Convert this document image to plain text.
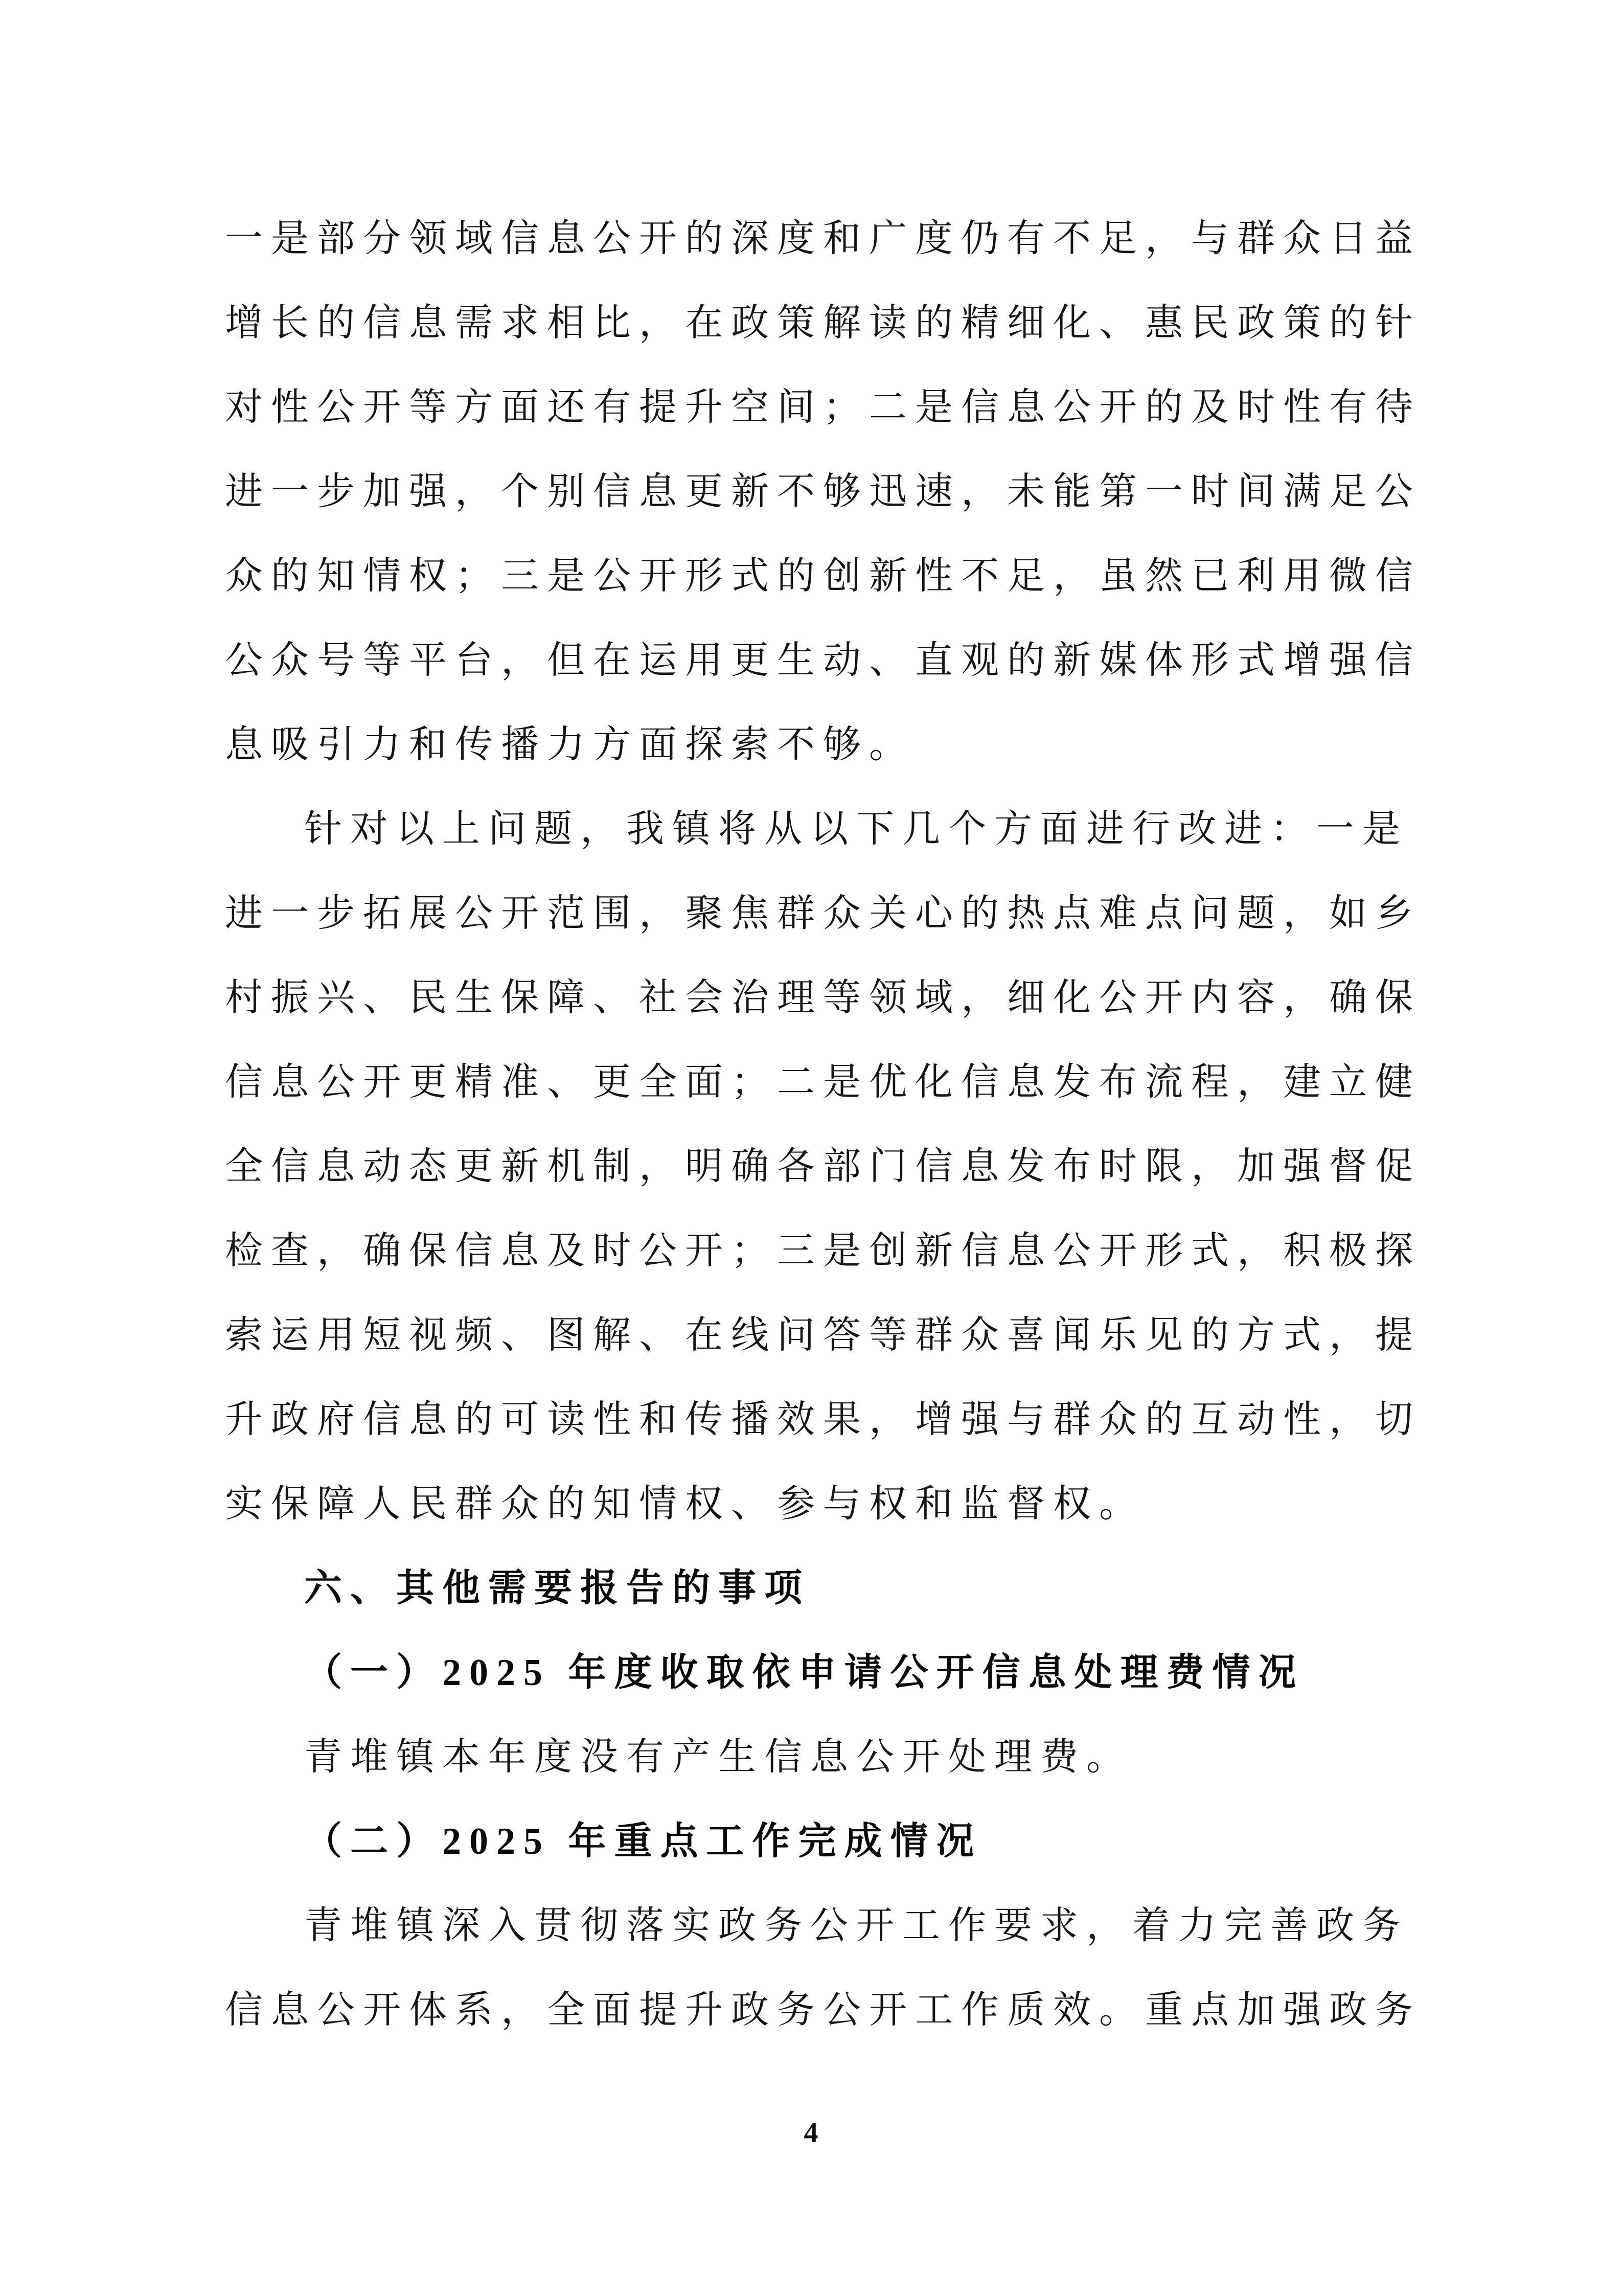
一是部分领域信息公开的深度和广度仍有不足，与群众日益
增长的信息需求相比，在政策解读的精细化、惠民政策的针
对性公开等方面还有提升空间；二是信息公开的及时性有待
进一步加强，个别信息更新不够迅速，未能第一时间满足公
众的知情权；三是公开形式的创新性不足，虽然已利用微信
公众号等平台，但在运用更生动、直观的新媒体形式增强信
息吸引力和传播力方面探索不够。
针对以上问题，我镇将从以下几个方面进行改进：一是
进一步拓展公开范围，聚焦群众关心的热点难点问题，如乡
村振兴、民生保障、社会治理等领域，细化公开内容，确保
信息公开更精准、更全面；二是优化信息发布流程，建立健
全信息动态更新机制，明确各部门信息发布时限，加强督促
检查，确保信息及时公开；三是创新信息公开形式，积极探
索运用短视频、图解、在线问答等群众喜闻乐见的方式，提
升政府信息的可读性和传播效果，增强与群众的互动性，切
实保障人民群众的知情权、参与权和监督权。
六、其他需要报告的事项
（一）2025 年度收取依申请公开信息处理费情况
青堆镇本年度没有产生信息公开处理费。
（二）2025 年重点工作完成情况
青堆镇深入贯彻落实政务公开工作要求，着力完善政务
信息公开体系，全面提升政务公开工作质效。重点加强政务
4
